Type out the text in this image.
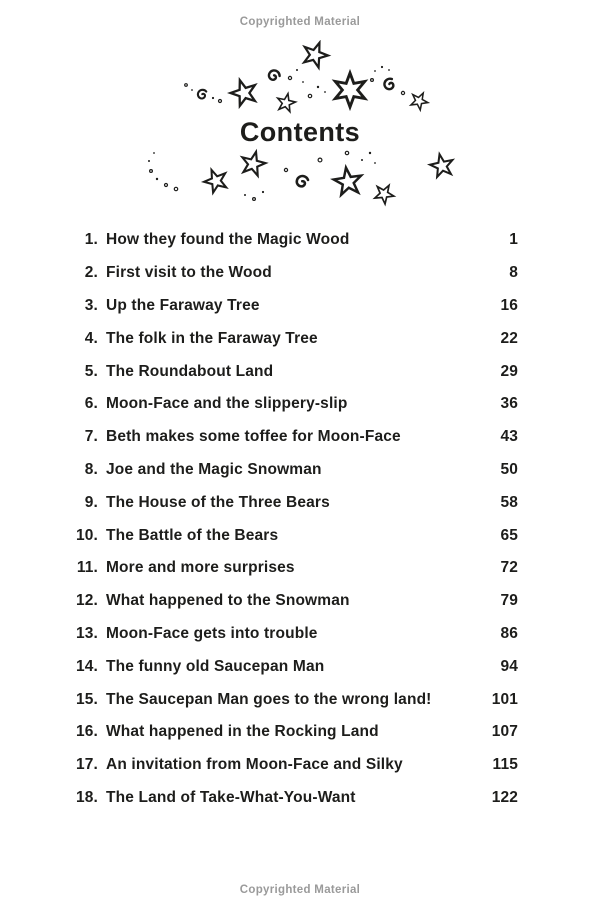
Copyrighted Material
Contents
1. How they found the Magic Wood	1
2. First visit to the Wood	8
3. Up the Faraway Tree	16
4. The folk in the Faraway Tree	22
5. The Roundabout Land	29
6. Moon-Face and the slippery-slip	36
7. Beth makes some toffee for Moon-Face	43
8. Joe and the Magic Snowman	50
9. The House of the Three Bears	58
10. The Battle of the Bears	65
11. More and more surprises	72
12. What happened to the Snowman	79
13. Moon-Face gets into trouble	86
14. The funny old Saucepan Man	94
15. The Saucepan Man goes to the wrong land!	101
16. What happened in the Rocking Land	107
17. An invitation from Moon-Face and Silky	115
18. The Land of Take-What-You-Want	122
Copyrighted Material
